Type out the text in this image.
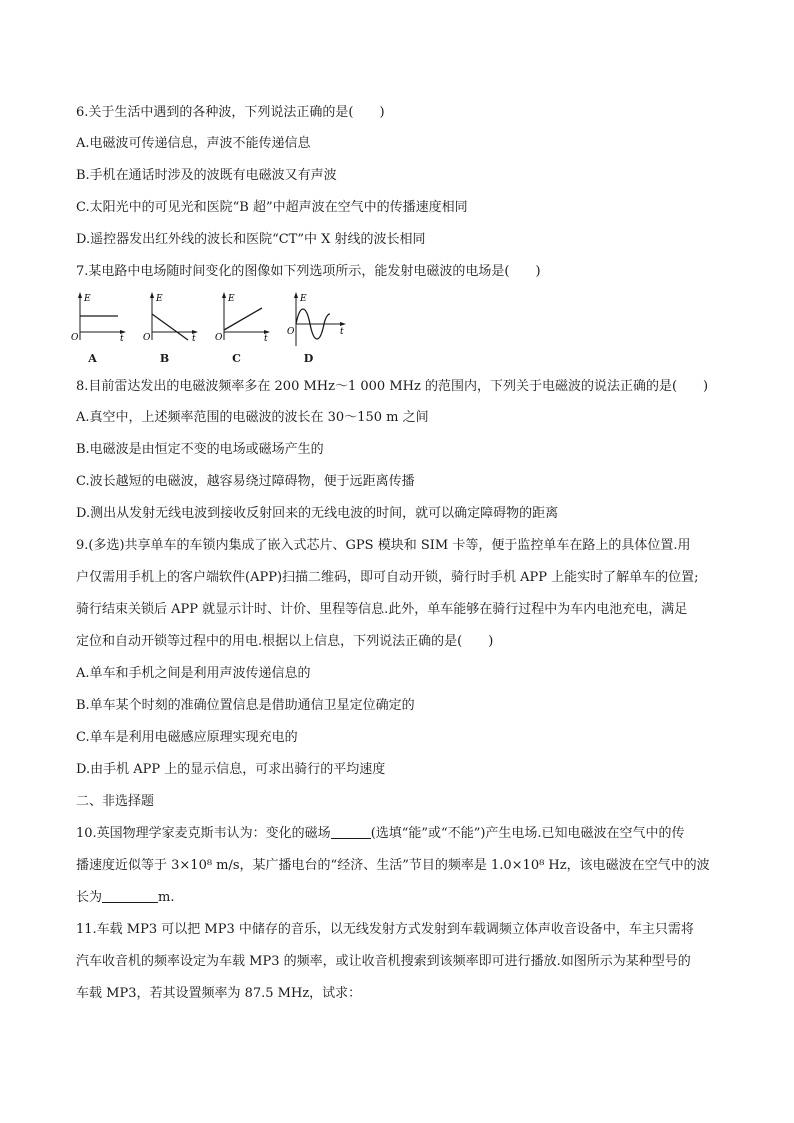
6.关于生活中遇到的各种波，下列说法正确的是(　　)
A.电磁波可传递信息，声波不能传递信息
B.手机在通话时涉及的波既有电磁波又有声波
C.太阳光中的可见光和医院“B 超”中超声波在空气中的传播速度相同
D.遥控器发出红外线的波长和医院“CT”中 X 射线的波长相同
7.某电路中电场随时间变化的图像如下列选项所示，能发射电磁波的电场是(　　)
E
t
O
A
E
t
O
B
E
t
O
C
E
t
O
D
8.目前雷达发出的电磁波频率多在 200 MHz～1 000 MHz 的范围内，下列关于电磁波的说法正确的是(　　)
A.真空中，上述频率范围的电磁波的波长在 30～150 m 之间
B.电磁波是由恒定不变的电场或磁场产生的
C.波长越短的电磁波，越容易绕过障碍物，便于远距离传播
D.测出从发射无线电波到接收反射回来的无线电波的时间，就可以确定障碍物的距离
9.(多选)共享单车的车锁内集成了嵌入式芯片、GPS 模块和 SIM 卡等，便于监控单车在路上的具体位置.用
户仅需用手机上的客户端软件(APP)扫描二维码，即可自动开锁，骑行时手机 APP 上能实时了解单车的位置;
骑行结束关锁后 APP 就显示计时、计价、里程等信息.此外，单车能够在骑行过程中为车内电池充电，满足
定位和自动开锁等过程中的用电.根据以上信息，下列说法正确的是(　　)
A.单车和手机之间是利用声波传递信息的
B.单车某个时刻的准确位置信息是借助通信卫星定位确定的
C.单车是利用电磁感应原理实现充电的
D.由手机 APP 上的显示信息，可求出骑行的平均速度
二、非选择题
10.英国物理学家麦克斯韦认为：变化的磁场	(选填“能”或“不能”)产生电场.已知电磁波在空气中的传
播速度近似等于 3×10⁸ m/s，某广播电台的“经济、生活”节目的频率是 1.0×10⁸ Hz，该电磁波在空气中的波
长为	m.
11.车载 MP3 可以把 MP3 中储存的音乐，以无线发射方式发射到车载调频立体声收音设备中，车主只需将
汽车收音机的频率设定为车载 MP3 的频率，或让收音机搜索到该频率即可进行播放.如图所示为某种型号的
车载 MP3，若其设置频率为 87.5 MHz，试求：
